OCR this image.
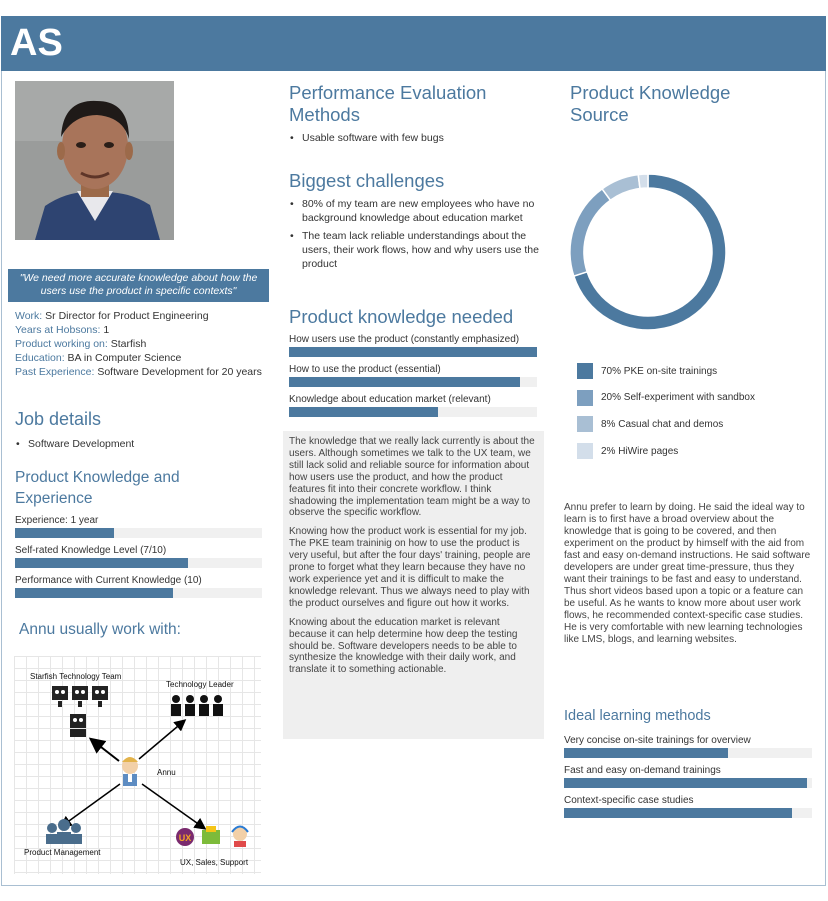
AS
"We need more accurate knowledge about how the users use the product in specific contexts"
Work: Sr Director for Product Engineering
Years at Hobsons: 1
Product working on: Starfish
Education: BA in Computer Science
Past Experience: Software Development for 20 years
Job details
• Software Development
Product Knowledge and
Experience
Experience: 1 year
Self-rated Knowledge Level (7/10)
Performance with Current Knowledge (10)
Annu usually work with:
UX
Starfish Technology Team
Technology Leader
Annu
Product Management
UX, Sales, Support
Performance Evaluation
Methods
• Usable software with few bugs
Biggest challenges
• 80% of my team are new employees who have no background knowledge about education market
• The team lack reliable understandings about the users, their work flows, how and why users use the product
Product knowledge needed
How users use the product (constantly emphasized)
How to use the product (essential)
Knowledge about education market (relevant)

The knowledge that we really lack currently is about the users. Although sometimes we talk to the UX team, we still lack solid and reliable source for information about how users use the product, and how the product features fit into their concrete workflow. I think shadowing the implementation team might be a way to observe the specific workflow.

Knowing how the product work is essential for my job. The PKE team traininig on how to use the product is very useful, but after the four days' training, people are prone to forget what they learn because they have no work experience yet and it is difficult to make the knowledge relevant. Thus we always need to play with the product ourselves and figure out how it works.

Knowing about the education market is relevant because it can help determine how deep the testing should be. Software developers needs to be able to synthesize the knowledge with their daily work, and translate it to something actionable.

Product Knowledge
Source
70% PKE on-site trainings
20% Self-experiment with sandbox
8% Casual chat and demos
2% HiWire pages
Annu prefer to learn by doing. He said the ideal way to learn is to first have a broad overview about the knowledge that is going to be covered, and then experiment on the product by himself with the aid from fast and easy on-demand instructions. He said software developers are under great time-pressure, thus they want their trainings to be fast and easy to understand. Thus short videos based upon a topic or a feature can be useful. As he wants to know more about user work flows, he recommended context-specific case studies. He is very comfortable with new learning technologies like LMS, blogs, and learning websites.
Ideal learning methods
Very concise on-site trainings for overview
Fast and easy on-demand trainings
Context-specific case studies
